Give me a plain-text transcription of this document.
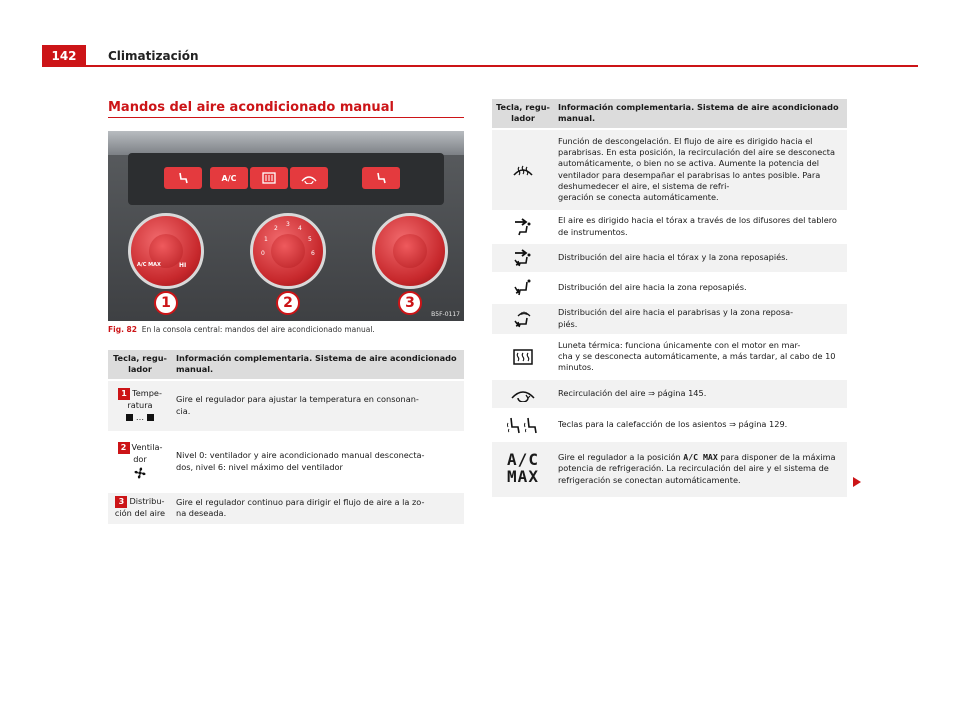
142	Climatización
Mandos del aire acondicionado manual
A/C
A/C MAX	HI
0
1
2
3
4
5
6
1	2	3
B5F-0117
Fig. 82 En la consola central: mandos del aire acondicionado manual.
Tecla, regu-
lador	Información complementaria. Sistema de aire acondicionado manual.
1 Tempe-
ratura
…	Gire el regulador para ajustar la temperatura en consonan-
cia.
2 Ventila-
dor	Nivel 0: ventilador y aire acondicionado manual desconecta-
dos, nivel 6: nivel máximo del ventilador
3 Distribu-
ción del aire	Gire el regulador continuo para dirigir el flujo de aire a la zo-
na deseada.
Tecla, regu-
lador	Información complementaria. Sistema de aire acondicionado manual.
	Función de descongelación. El flujo de aire es dirigido hacia el parabrisas. En esta posición, la recirculación del aire se desconecta automáticamente, o bien no se activa. Aumente la potencia del ventilador para desempañar el parabrisas lo antes posible. Para deshumedecer el aire, el sistema de refri-
geración se conecta automáticamente.
	El aire es dirigido hacia el tórax a través de los difusores del tablero de instrumentos.
	Distribución del aire hacia el tórax y la zona reposapiés.
	Distribución del aire hacia la zona reposapiés.
	Distribución del aire hacia el parabrisas y la zona reposa-
piés.
	Luneta térmica: funciona únicamente con el motor en mar-
cha y se desconecta automáticamente, a más tardar, al cabo de 10 minutos.
	Recirculación del aire ⇒ página 145.
	Teclas para la calefacción de los asientos ⇒ página 129.
A/C
MAX	Gire el regulador a la posición A/C MAX para disponer de la máxima potencia de refrigeración. La recirculación del aire y el sistema de refrigeración se conectan automáticamente.
